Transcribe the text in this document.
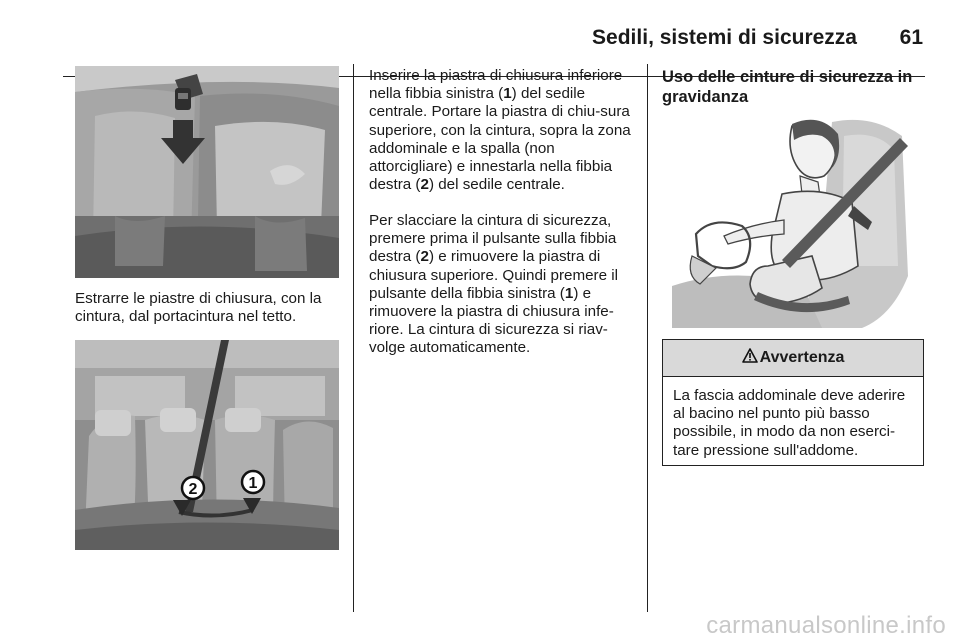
Sedili, sistemi di sicurezza 61

Estrarre le piastre di chiusura, con la cintura, dal portacintura nel tetto.

2	1

Inserire la piastra di chiusura inferiore nella fibbia sinistra (1) del sedile centrale. Portare la piastra di chiu-sura superiore, con la cintura, sopra la zona addominale e la spalla (non attorcigliare) e innestarla nella fibbia destra (2) del sedile centrale.

Per slacciare la cintura di sicurezza, premere prima il pulsante sulla fibbia destra (2) e rimuovere la piastra di chiusura superiore. Quindi premere il pulsante della fibbia sinistra (1) e rimuovere la piastra di chiusura infe-riore. La cintura di sicurezza si riav-volge automaticamente.

Uso delle cinture di sicurezza in gravidanza
Avvertenza
La fascia addominale deve aderire al bacino nel punto più basso possibile, in modo da non eserci-tare pressione sull'addome.
carmanualsonline.info
